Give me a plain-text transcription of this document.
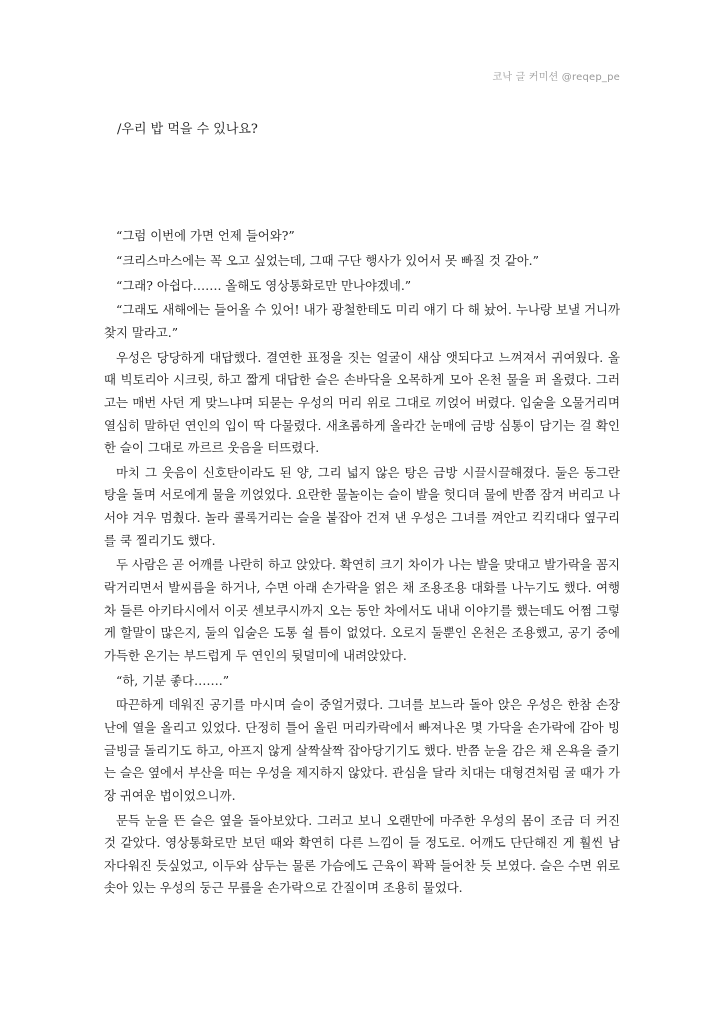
코낙 글 커미션 @reqep_pe
/우리 밥 먹을 수 있나요?

“그럼 이번에 가면 언제 들어와?”

“크리스마스에는 꼭 오고 싶었는데, 그때 구단 행사가 있어서 못 빠질 것 같아.”

“그래? 아쉽다……. 올해도 영상통화로만 만나야겠네.”

“그래도 새해에는 들어올 수 있어! 내가 광철한테도 미리 얘기 다 해 놨어. 누나랑 보낼 거니까 찾지 말라고.”

우성은 당당하게 대답했다. 결연한 표정을 짓는 얼굴이 새삼 앳되다고 느껴져서 귀여웠다. 올때 빅토리아 시크릿, 하고 짧게 대답한 슬은 손바닥을 오목하게 모아 온천 물을 퍼 올렸다. 그러고는 매번 사던 게 맞느냐며 되묻는 우성의 머리 위로 그대로 끼얹어 버렸다. 입술을 오물거리며 열심히 말하던 연인의 입이 딱 다물렸다. 새초롬하게 올라간 눈매에 금방 심통이 담기는 걸 확인한 슬이 그대로 까르르 웃음을 터뜨렸다.

마치 그 웃음이 신호탄이라도 된 양, 그리 넓지 않은 탕은 금방 시끌시끌해졌다. 둘은 동그란 탕을 돌며 서로에게 물을 끼얹었다. 요란한 물놀이는 슬이 발을 헛디뎌 물에 반쯤 잠겨 버리고 나서야 겨우 멈췄다. 놀라 콜록거리는 슬을 붙잡아 건져 낸 우성은 그녀를 껴안고 킥킥대다 옆구리를 쿡 찔리기도 했다.

두 사람은 곧 어깨를 나란히 하고 앉았다. 확연히 크기 차이가 나는 발을 맞대고 발가락을 꼼지락거리면서 발씨름을 하거나, 수면 아래 손가락을 얽은 채 조용조용 대화를 나누기도 했다. 여행차 들른 아키타시에서 이곳 센보쿠시까지 오는 동안 차에서도 내내 이야기를 했는데도 어쩜 그렇게 할말이 많은지, 둘의 입술은 도통 쉴 틈이 없었다. 오로지 둘뿐인 온천은 조용했고, 공기 중에 가득한 온기는 부드럽게 두 연인의 뒷덜미에 내려앉았다.

“하, 기분 좋다…….”

따끈하게 데워진 공기를 마시며 슬이 중얼거렸다. 그녀를 보느라 돌아 앉은 우성은 한참 손장난에 열을 올리고 있었다. 단정히 틀어 올린 머리카락에서 빠져나온 몇 가닥을 손가락에 감아 빙글빙글 돌리기도 하고, 아프지 않게 살짝살짝 잡아당기기도 했다. 반쯤 눈을 감은 채 온욕을 즐기는 슬은 옆에서 부산을 떠는 우성을 제지하지 않았다. 관심을 달라 치대는 대형견처럼 굴 때가 가장 귀여운 법이었으니까.

문득 눈을 뜬 슬은 옆을 돌아보았다. 그러고 보니 오랜만에 마주한 우성의 몸이 조금 더 커진 것 같았다. 영상통화로만 보던 때와 확연히 다른 느낌이 들 정도로. 어깨도 단단해진 게 훨씬 남자다워진 듯싶었고, 이두와 삼두는 물론 가슴에도 근육이 꽉꽉 들어찬 듯 보였다. 슬은 수면 위로 솟아 있는 우성의 둥근 무릎을 손가락으로 간질이며 조용히 물었다.
